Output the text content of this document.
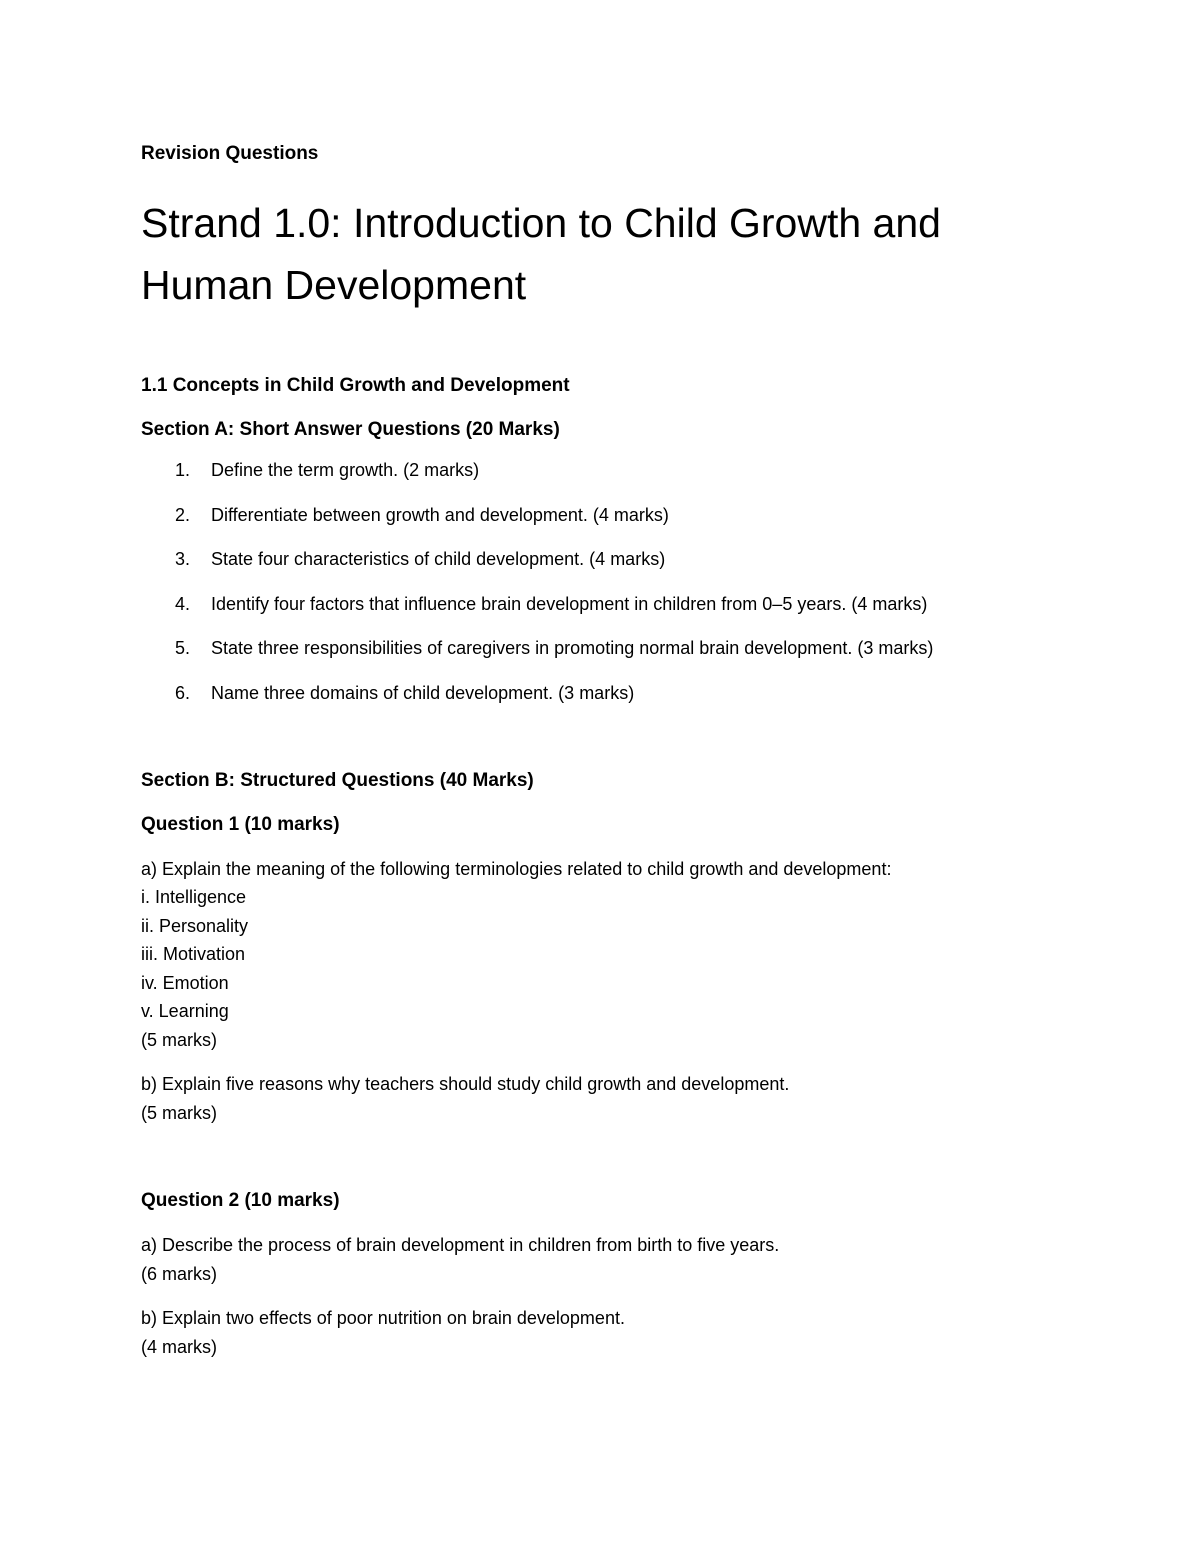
Revision Questions

Strand 1.0: Introduction to Child Growth and
Human Development

1.1 Concepts in Child Growth and Development

Section A: Short Answer Questions (20 Marks)

1. Define the term growth. (2 marks)
2. Differentiate between growth and development. (4 marks)
3. State four characteristics of child development. (4 marks)
4. Identify four factors that influence brain development in children from 0–5 years. (4 marks)
5. State three responsibilities of caregivers in promoting normal brain development. (3 marks)
6. Name three domains of child development. (3 marks)

Section B: Structured Questions (40 Marks)

Question 1 (10 marks)

a) Explain the meaning of the following terminologies related to child growth and development:
i. Intelligence
ii. Personality
iii. Motivation
iv. Emotion
v. Learning
(5 marks)

b) Explain five reasons why teachers should study child growth and development.
(5 marks)

Question 2 (10 marks)

a) Describe the process of brain development in children from birth to five years.
(6 marks)

b) Explain two effects of poor nutrition on brain development.
(4 marks)
